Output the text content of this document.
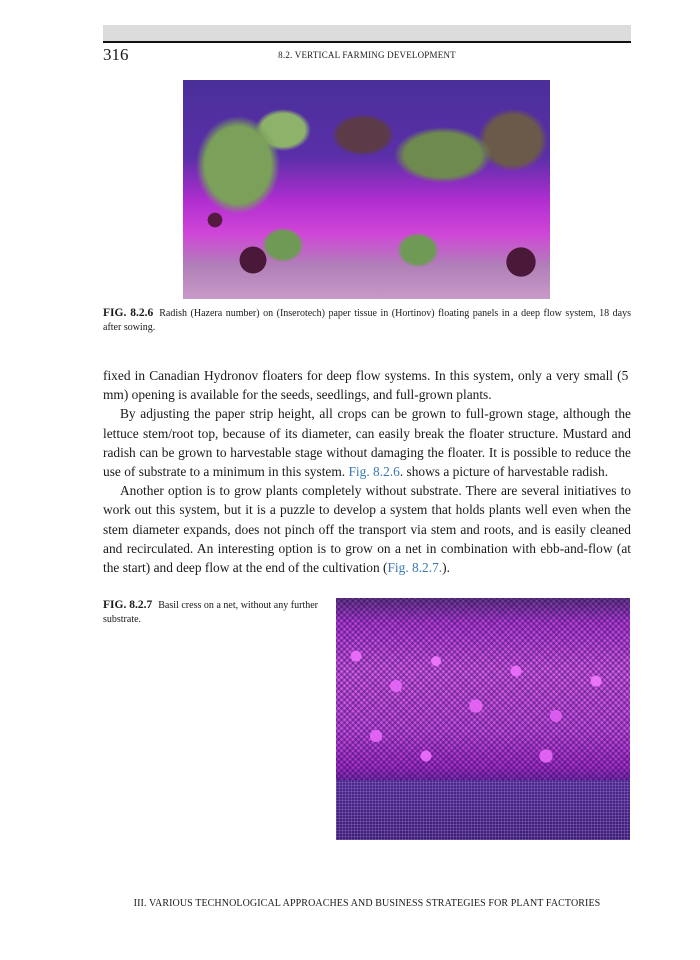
316	8.2. VERTICAL FARMING DEVELOPMENT
FIG. 8.2.6 Radish (Hazera number) on (Inserotech) paper tissue in (Hortinov) floating panels in a deep flow system, 18 days after sowing.

fixed in Canadian Hydronov floaters for deep flow systems. In this system, only a very small (5 mm) opening is available for the seeds, seedlings, and full-grown plants.

By adjusting the paper strip height, all crops can be grown to full-grown stage, although the lettuce stem/root top, because of its diameter, can easily break the floater structure. Mustard and radish can be grown to harvestable stage without damaging the floater. It is possible to reduce the use of substrate to a minimum in this system. Fig. 8.2.6. shows a picture of harvestable radish.

Another option is to grow plants completely without substrate. There are several initiatives to work out this system, but it is a puzzle to develop a system that holds plants well even when the stem diameter expands, does not pinch off the transport via stem and roots, and is easily cleaned and recirculated. An interesting option is to grow on a net in combination with ebb-and-flow (at the start) and deep flow at the end of the cultivation (Fig. 8.2.7.).

FIG. 8.2.7 Basil cress on a net, without any further substrate.
III. VARIOUS TECHNOLOGICAL APPROACHES AND BUSINESS STRATEGIES FOR PLANT FACTORIES
